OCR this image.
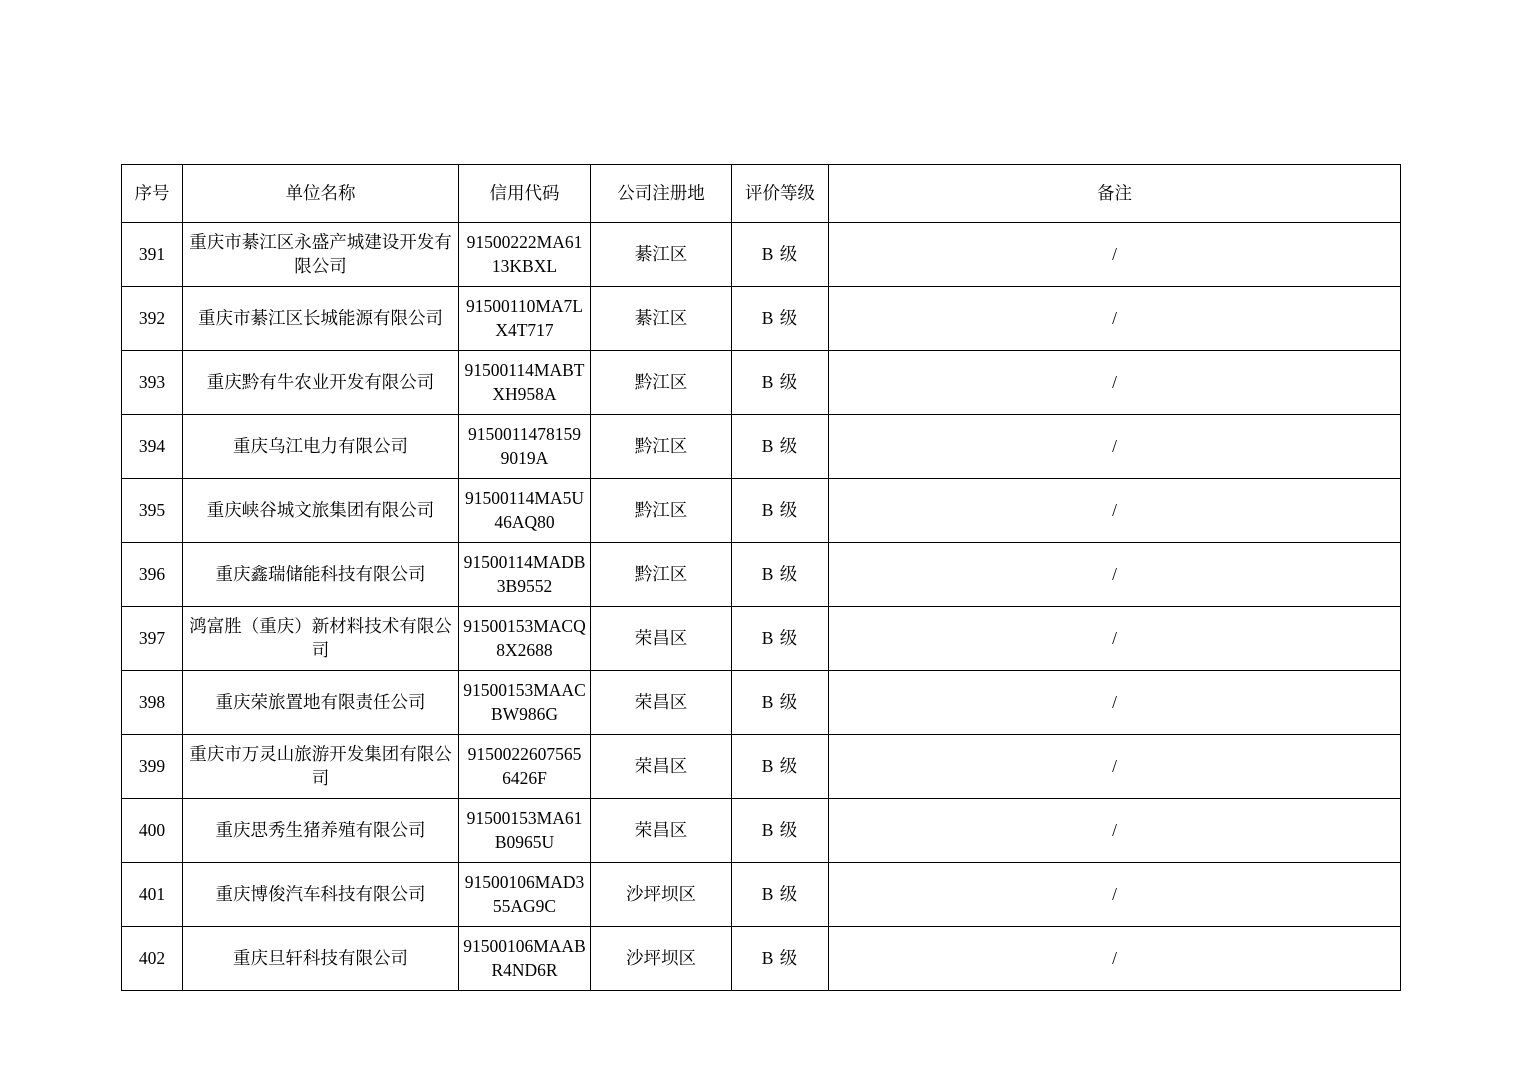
序号	单位名称	信用代码	公司注册地	评价等级	备注
391	重庆市綦江区永盛产城建设开发有限公司	91500222MA6113KBXL	綦江区	B 级	/
392	重庆市綦江区长城能源有限公司	91500110MA7LX4T717	綦江区	B 级	/
393	重庆黔有牛农业开发有限公司	91500114MABTXH958A	黔江区	B 级	/
394	重庆乌江电力有限公司	9150011478159 9019A	黔江区	B 级	/
395	重庆峡谷城文旅集团有限公司	91500114MA5U46AQ80	黔江区	B 级	/
396	重庆鑫瑞储能科技有限公司	91500114MADB3B9552	黔江区	B 级	/
397	鸿富胜（重庆）新材料技术有限公司	91500153MACQ8X2688	荣昌区	B 级	/
398	重庆荣旅置地有限责任公司	91500153MAACBW986G	荣昌区	B 级	/
399	重庆市万灵山旅游开发集团有限公司	9150022607565 6426F	荣昌区	B 级	/
400	重庆思秀生猪养殖有限公司	91500153MA61B0965U	荣昌区	B 级	/
401	重庆博俊汽车科技有限公司	91500106MAD355AG9C	沙坪坝区	B 级	/
402	重庆旦轩科技有限公司	91500106MAABR4ND6R	沙坪坝区	B 级	/
